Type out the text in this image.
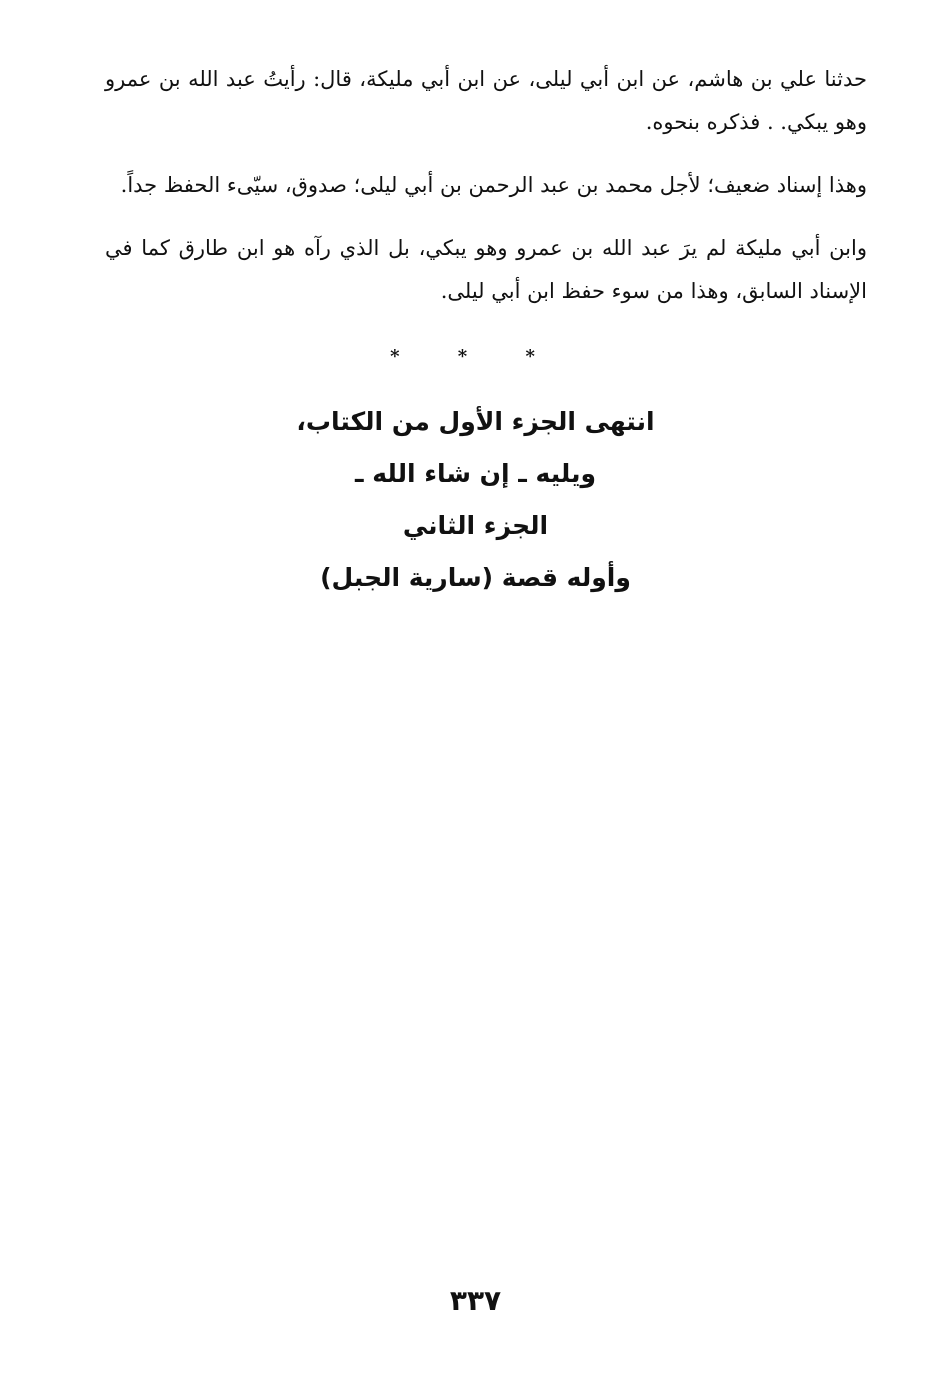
حدثنا علي بن هاشم، عن ابن أبي ليلى، عن ابن أبي مليكة، قال: رأيتُ عبد الله بن عمرو وهو يبكي. . فذكره بنحوه.

وهذا إسناد ضعيف؛ لأجل محمد بن عبد الرحمن بن أبي ليلى؛ صدوق، سيّىء الحفظ جداً.

وابن أبي مليكة لم يرَ عبد الله بن عمرو وهو يبكي، بل الذي رآه هو ابن طارق كما في الإسناد السابق، وهذا من سوء حفظ ابن أبي ليلى.

* * *
انتهى الجزء الأول من الكتاب،
ويليه ـ إن شاء الله ـ
الجزء الثاني
وأوله قصة (سارية الجبل)
٣٣٧
